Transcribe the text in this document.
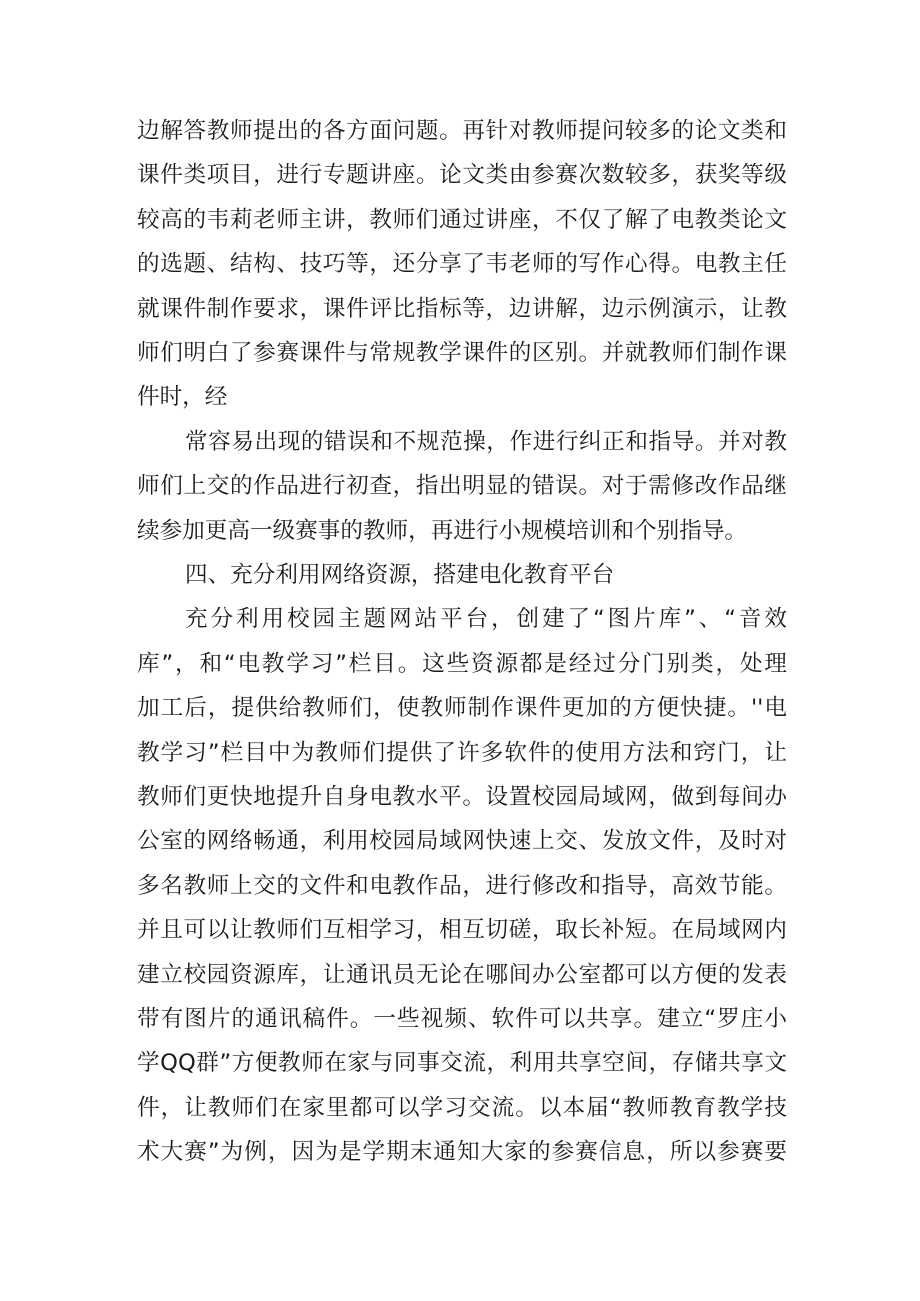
边解答教师提出的各方面问题。再针对教师提问较多的论文类和
课件类项目，进行专题讲座。论文类由参赛次数较多，获奖等级
较高的韦莉老师主讲，教师们通过讲座，不仅了解了电教类论文
的选题、结构、技巧等，还分享了韦老师的写作心得。电教主任
就课件制作要求，课件评比指标等，边讲解，边示例演示，让教
师们明白了参赛课件与常规教学课件的区别。并就教师们制作课
件时，经
常容易出现的错误和不规范操，作进行纠正和指导。并对教
师们上交的作品进行初查，指出明显的错误。对于需修改作品继
续参加更高一级赛事的教师，再进行小规模培训和个别指导。
四、充分利用网络资源，搭建电化教育平台
充分利用校园主题网站平台，创建了“图片库”、“音效
库”，和“电教学习”栏目。这些资源都是经过分门别类，处理
加工后，提供给教师们，使教师制作课件更加的方便快捷。''电
教学习”栏目中为教师们提供了许多软件的使用方法和窍门，让
教师们更快地提升自身电教水平。设置校园局域网，做到每间办
公室的网络畅通，利用校园局域网快速上交、发放文件，及时对
多名教师上交的文件和电教作品，进行修改和指导，高效节能。
并且可以让教师们互相学习，相互切磋，取长补短。在局域网内
建立校园资源库，让通讯员无论在哪间办公室都可以方便的发表
带有图片的通讯稿件。一些视频、软件可以共享。建立“罗庄小
学QQ群”方便教师在家与同事交流，利用共享空间，存储共享文
件，让教师们在家里都可以学习交流。以本届“教师教育教学技
术大赛”为例，因为是学期末通知大家的参赛信息，所以参赛要
